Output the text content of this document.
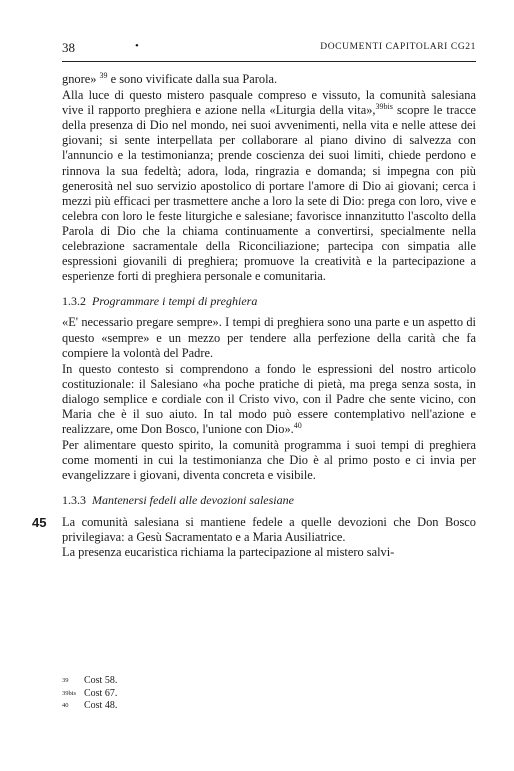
38	•	DOCUMENTI CAPITOLARI CG21

gnore» $^{39}$ e sono vivificate dalla sua Parola.

Alla luce di questo mistero pasquale compreso e vissuto, la comunità salesiana vive il rapporto preghiera e azione nella «Liturgia della vita»,$^{39bis}$ scopre le tracce della presenza di Dio nel mondo, nei suoi avvenimenti, nella vita e nelle attese dei giovani; si sente interpellata per collaborare al piano divino di salvezza con l'annuncio e la testimonianza; prende coscienza dei suoi limiti, chiede perdono e rinnova la sua fedeltà; adora, loda, ringrazia e domanda; si impegna con più generosità nel suo servizio apostolico di portare l'amore di Dio ai giovani; cerca i mezzi più efficaci per trasmettere anche a loro la sete di Dio: prega con loro, vive e celebra con loro le feste liturgiche e salesiane; favorisce innanzitutto l'ascolto della Parola di Dio che la chiama continuamente a convertirsi, specialmente nella celebrazione sacramentale della Riconciliazione; partecipa con simpatia alle espressioni giovanili di preghiera; promuove la creatività e la partecipazione a esperienze forti di preghiera personale e comunitaria.

1.3.2 Programmare i tempi di preghiera

«E' necessario pregare sempre». I tempi di preghiera sono una parte e un aspetto di questo «sempre» e un mezzo per tendere alla perfezione della carità che fa compiere la volontà del Padre.

In questo contesto si comprendono a fondo le espressioni del nostro articolo costituzionale: il Salesiano «ha poche pratiche di pietà, ma prega senza sosta, in dialogo semplice e cordiale con il Cristo vivo, con il Padre che sente vicino, con Maria che è il suo aiuto. In tal modo può essere contemplativo nell'azione e realizzare, ome Don Bosco, l'unione con Dio».$^{40}$

Per alimentare questo spirito, la comunità programma i suoi tempi di preghiera come momenti in cui la testimonianza che Dio è al primo posto e ci invia per evangelizzare i giovani, diventa concreta e visibile.

1.3.3 Mantenersi fedeli alle devozioni salesiane
45 La comunità salesiana si mantiene fedele a quelle devozioni che Don Bosco privilegiava: a Gesù Sacramentato e a Maria Ausiliatrice.

La presenza eucaristica richiama la partecipazione al mistero salvi-

39	Cost 58.
39bis Cost 67.
40	Cost 48.
